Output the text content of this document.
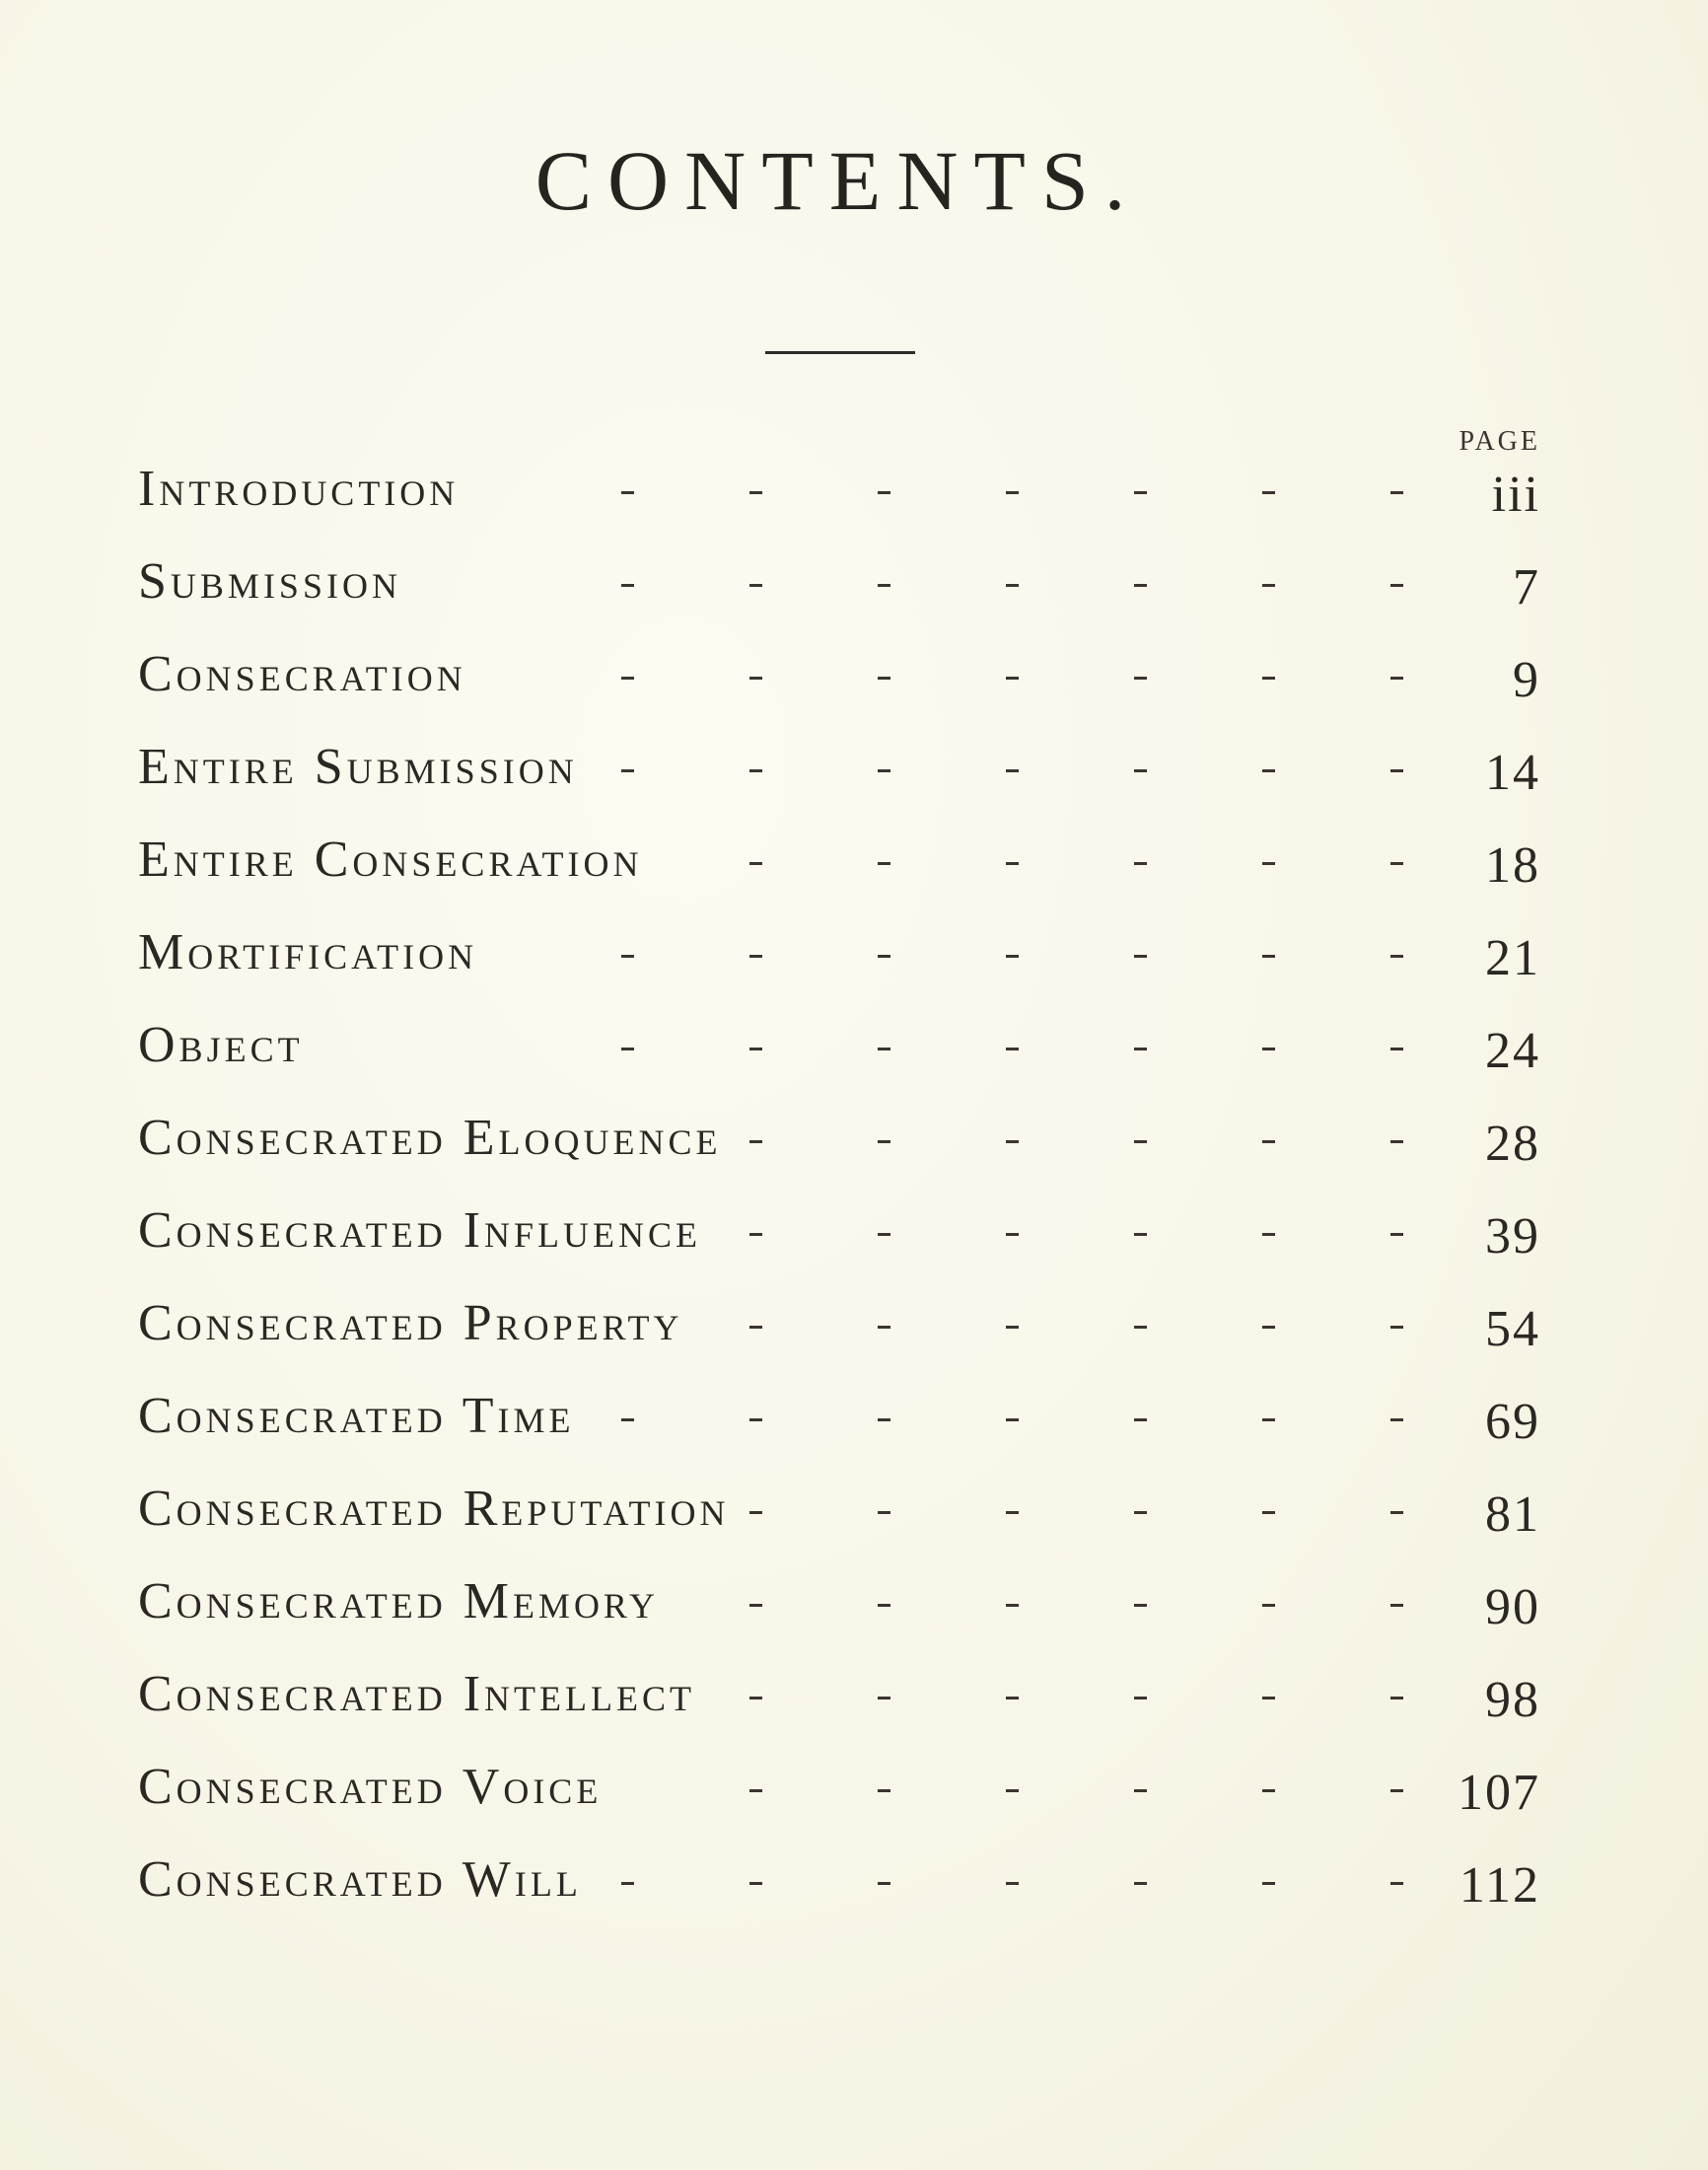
CONTENTS.
PAGE
Introduction	iii
Submission	7
Consecration	9
Entire Submission	14
Entire Consecration	18
Mortification	21
Object	24
Consecrated Eloquence	28
Consecrated Influence	39
Consecrated Property	54
Consecrated Time	69
Consecrated Reputation	81
Consecrated Memory	90
Consecrated Intellect	98
Consecrated Voice	107
Consecrated Will	112
